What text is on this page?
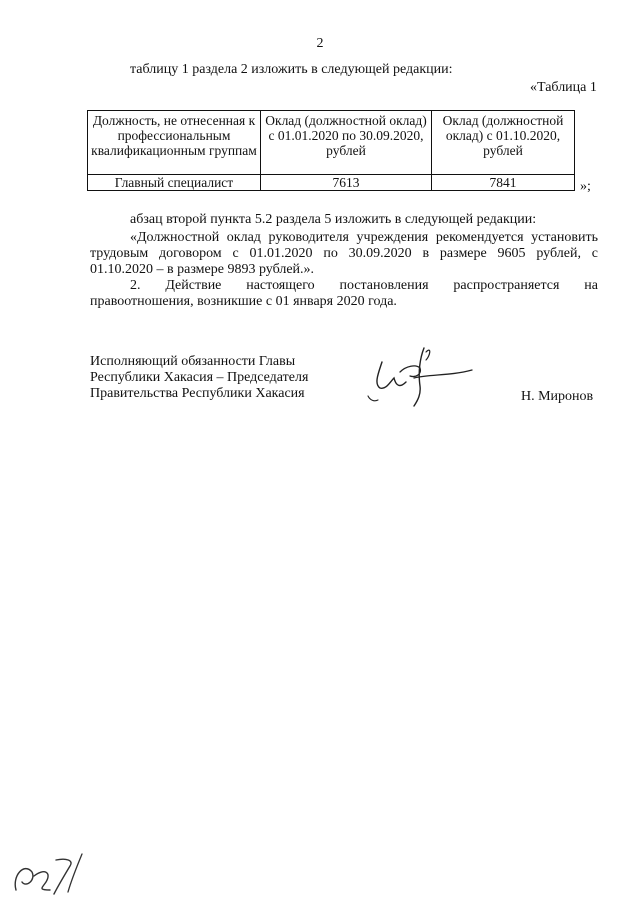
2
таблицу 1 раздела 2 изложить в следующей редакции:
«Таблица 1
Должность, не отнесенная к профессиональным квалификационным группам	Оклад (должностной оклад) с 01.01.2020 по 30.09.2020, рублей	Оклад (должностной оклад) с 01.10.2020, рублей
Главный специалист	7613	7841	»;
абзац второй пункта 5.2 раздела 5 изложить в следующей редакции:
«Должностной оклад руководителя учреждения рекомендуется установить
трудовым договором с 01.01.2020 по 30.09.2020 в размере 9605 рублей, с
01.10.2020 – в размере 9893 рублей.».
2. Действие настоящего постановления распространяется на
правоотношения, возникшие с 01 января 2020 года.
Исполняющий обязанности Главы
Республики Хакасия – Председателя
Правительства Республики Хакасия	Н. Миронов
